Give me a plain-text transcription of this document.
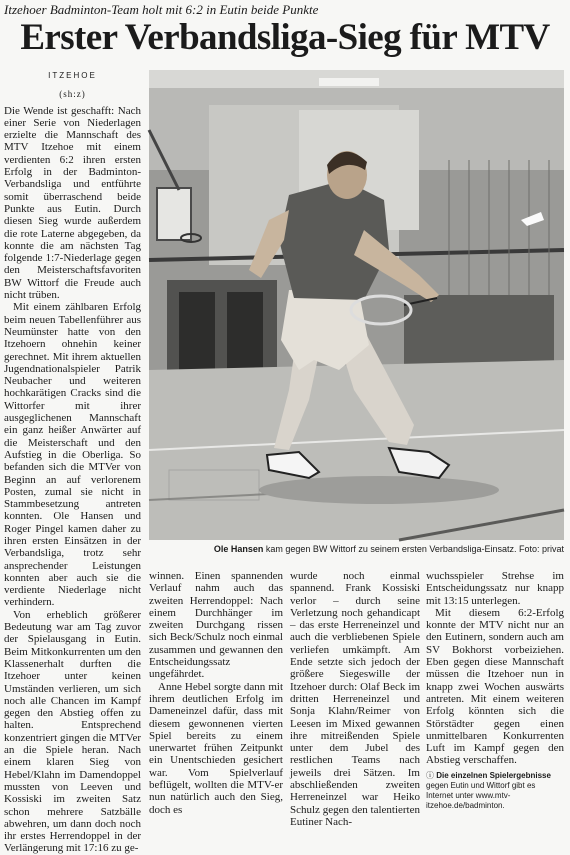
Itzehoer Badminton-Team holt mit 6:2 in Eutin beide Punkte
Erster Verbandsliga-Sieg für MTV
ITZEHOE
(sh:z)

Die Wende ist geschafft: Nach einer Serie von Niederlagen erzielte die Mannschaft des MTV Itzehoe mit einem verdienten 6:2 ihren ersten Erfolg in der Badminton-Verbandsliga und entführte somit überraschend beide Punkte aus Eutin. Durch diesen Sieg wurde außerdem die rote Laterne abgegeben, da konnte die am nächsten Tag folgende 1:7-Niederlage gegen den Meisterschaftsfavoriten BW Wittorf die Freude auch nicht trüben.

Mit einem zählbaren Erfolg beim neuen Tabellenführer aus Neumünster hatte von den Itzehoern ohnehin keiner gerechnet. Mit ihrem aktuellen Jugendnationalspieler Patrik Neubacher und weiteren hochkarätigen Cracks sind die Wittorfer mit ihrer ausgeglichenen Mannschaft ein ganz heißer Anwärter auf die Meisterschaft und den Aufstieg in die Oberliga. So befanden sich die MTVer von Beginn an auf verlorenem Posten, zumal sie nicht in Stammbesetzung antreten konnten. Ole Hansen und Roger Pingel kamen daher zu ihren ersten Einsätzen in der Verbandsliga, trotz sehr ansprechender Leistungen konnten aber auch sie die verdiente Niederlage nicht verhindern.

Von erheblich größerer Bedeutung war am Tag zuvor der Spielausgang in Eutin. Beim Mitkonkurrenten um den Klassenerhalt durften die Itzehoer unter keinen Umständen verlieren, um sich noch alle Chancen im Kampf gegen den Abstieg offen zu halten. Entsprechend konzentriert gingen die MTVer an die Spiele heran. Nach einem klaren Sieg von Hebel/Klahn im Damendoppel mussten von Leeven und Kossiski im zweiten Satz schon mehrere Satzbälle abwehren, um dann doch noch ihr erstes Herrendoppel in der Verlängerung mit 17:16 zu ge-

Ole Hansen kam gegen BW Wittorf zu seinem ersten Verbandsliga-Einsatz. Foto: privat

winnen. Einen spannenden Verlauf nahm auch das zweiten Herrendoppel: Nach einem Durchhänger im zweiten Durchgang rissen sich Beck/Schulz noch einmal zusammen und gewannen den Entscheidungssatz ungefährdet.

Anne Hebel sorgte dann mit ihrem deutlichen Erfolg im Dameneinzel dafür, dass mit diesem gewonnenen vierten Spiel bereits zu einem unerwartet frühen Zeitpunkt ein Unentschieden gesichert war. Vom Spielverlauf beflügelt, wollten die MTV-er nun natürlich auch den Sieg, doch es

wurde noch einmal spannend. Frank Kossiski verlor – durch seine Verletzung noch gehandicapt – das erste Herreneinzel und auch die verbliebenen Spiele verliefen umkämpft. Am Ende setzte sich jedoch der größere Siegeswille der Itzehoer durch: Olaf Beck im dritten Herreneinzel und Sonja Klahn/Reimer von Leesen im Mixed gewannen ihre mitreißenden Spiele unter dem Jubel des restlichen Teams nach jeweils drei Sätzen. Im abschließenden zweiten Herreneinzel war Heiko Schulz gegen den talentierten Eutiner Nach-

wuchsspieler Strehse im Entscheidungssatz nur knapp mit 13:15 unterlegen.

Mit diesem 6:2-Erfolg konnte der MTV nicht nur an den Eutinern, sondern auch am SV Bokhorst vorbeiziehen. Eben gegen diese Mannschaft müssen die Itzehoer nun in knapp zwei Wochen auswärts antreten. Mit einem weiteren Erfolg könnten sich die Störstädter gegen einen unmittelbaren Konkurrenten Luft im Kampf gegen den Abstieg verschaffen.

ⓘ Die einzelnen Spielergebnisse gegen Eutin und Wittorf gibt es Internet unter www.mtv-itzehoe.de/badminton.
